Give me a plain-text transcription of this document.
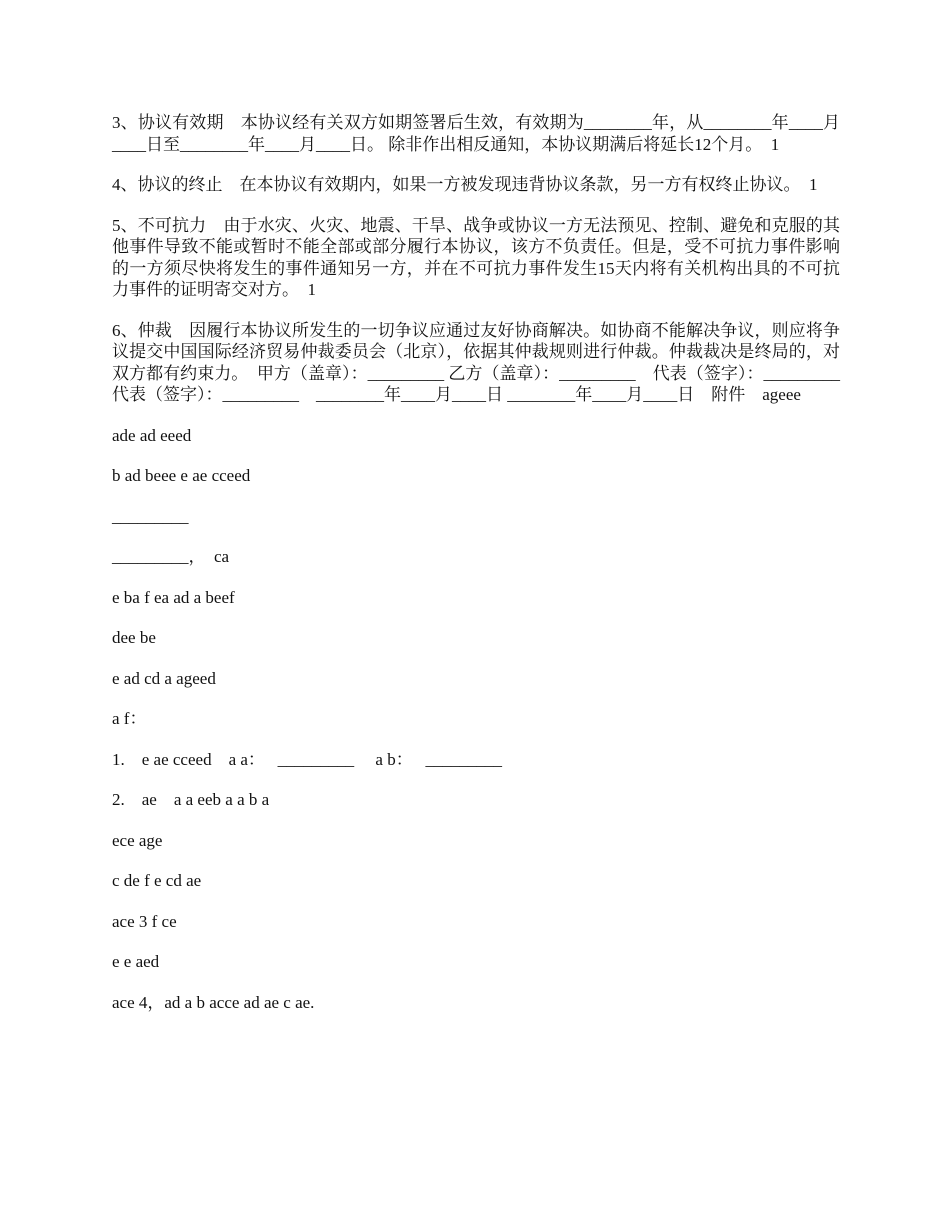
3、协议有效期　本协议经有关双方如期签署后生效，有效期为________年，从________年____月____日至________年____月____日。 除非作出相反通知，本协议期满后将延长12个月。　1

4、协议的终止　在本协议有效期内，如果一方被发现违背协议条款，另一方有权终止协议。　1

5、不可抗力　由于水灾、火灾、地震、干旱、战争或协议一方无法预见、控制、避免和克服的其他事件导致不能或暂时不能全部或部分履行本协议，该方不负责任。但是，受不可抗力事件影响的一方须尽快将发生的事件通知另一方，并在不可抗力事件发生15天内将有关机构出具的不可抗力事件的证明寄交对方。　1

6、仲裁　因履行本协议所发生的一切争议应通过友好协商解决。如协商不能解决争议，则应将争议提交中国国际经济贸易仲裁委员会（北京），依据其仲裁规则进行仲裁。仲裁裁决是终局的，对双方都有约束力。　甲方（盖章）：_________ 乙方（盖章）：_________　代表（签字）：_________ 代表（签字）：_________　________年____月____日 ________年____月____日　附件　ageee

ade ad eeed

b ad beee e ae cceed

_________

_________，  ca

e ba f ea ad a beef

dee be

e ad cd a ageed

a f：

1.    e ae cceed    a a：   _________     a b：   _________

2.    ae    a a eeb a a b a

ece age

c de f e cd ae

ace 3 f ce

e e aed

ace 4，ad a b acce ad ae c ae.
